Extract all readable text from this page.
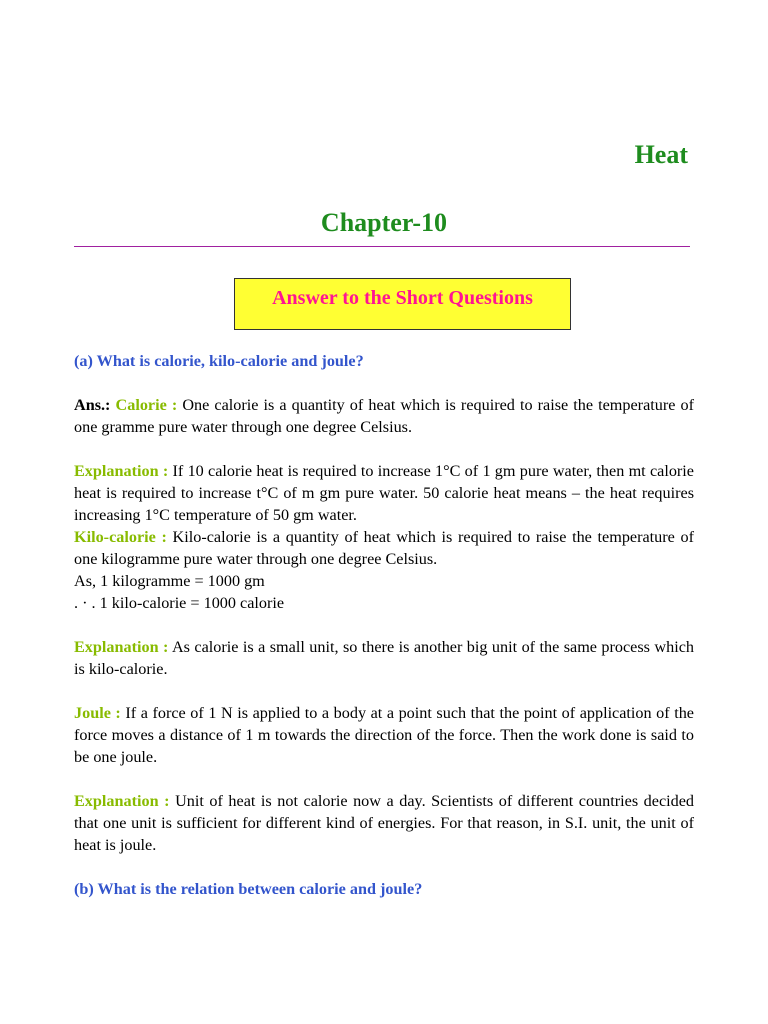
Heat
Chapter-10
Answer to the Short Questions

(a) What is calorie, kilo-calorie and joule?

Ans.: Calorie : One calorie is a quantity of heat which is required to raise the temperature of one gramme pure water through one degree Celsius.

Explanation : If 10 calorie heat is required to increase 1°C of 1 gm pure water, then mt calorie heat is required to increase t°C of m gm pure water. 50 calorie heat means – the heat requires increasing 1°C temperature of 50 gm water.

Kilo-calorie : Kilo-calorie is a quantity of heat which is required to raise the temperature of one kilogramme pure water through one degree Celsius.

As, 1 kilogramme = 1000 gm

. · . 1 kilo-calorie = 1000 calorie

Explanation : As calorie is a small unit, so there is another big unit of the same process which is kilo-calorie.

Joule : If a force of 1 N is applied to a body at a point such that the point of application of the force moves a distance of 1 m towards the direction of the force. Then the work done is said to be one joule.

Explanation : Unit of heat is not calorie now a day. Scientists of different countries decided that one unit is sufficient for different kind of energies. For that reason, in S.I. unit, the unit of heat is joule.

(b) What is the relation between calorie and joule?
